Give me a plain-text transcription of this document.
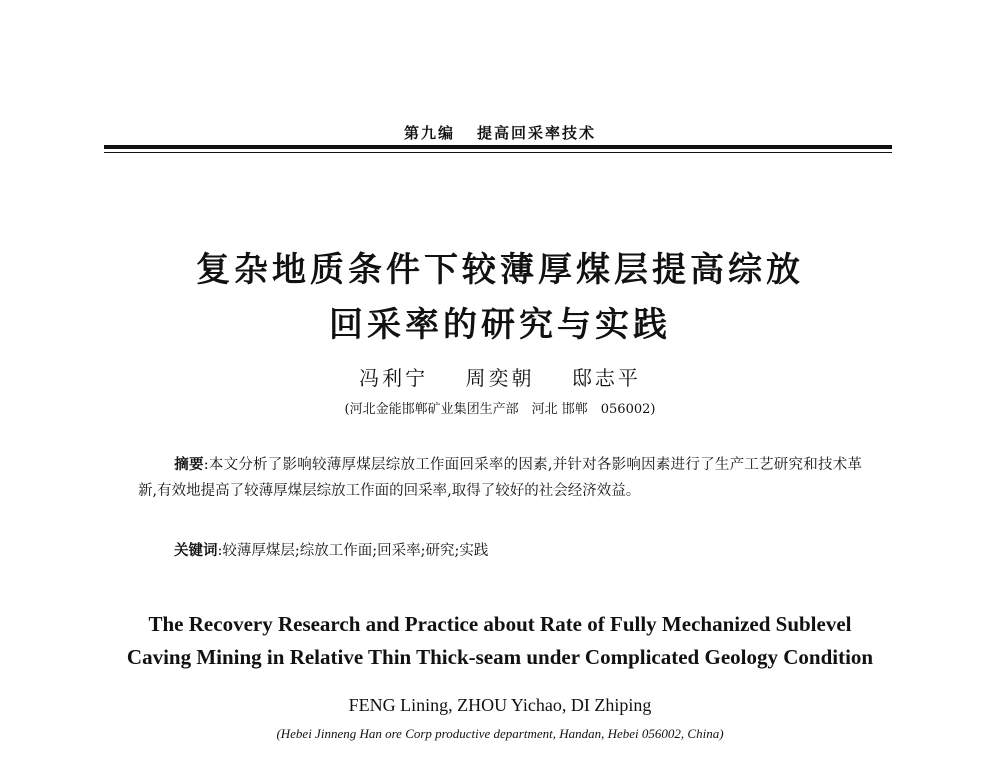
第九编 提高回采率技术
复杂地质条件下较薄厚煤层提高综放
回采率的研究与实践
冯利宁 周奕朝 邸志平
(河北金能邯郸矿业集团生产部　河北 邯郸　056002)
摘要:本文分析了影响较薄厚煤层综放工作面回采率的因素,并针对各影响因素进行了生产工艺研究和技术革新,有效地提高了较薄厚煤层综放工作面的回采率,取得了较好的社会经济效益。
关键词:较薄厚煤层;综放工作面;回采率;研究;实践
The Recovery Research and Practice about Rate of Fully Mechanized Sublevel
Caving Mining in Relative Thin Thick-seam under Complicated Geology Condition
FENG Lining, ZHOU Yichao, DI Zhiping
(Hebei Jinneng Han ore Corp productive department, Handan, Hebei 056002, China)
